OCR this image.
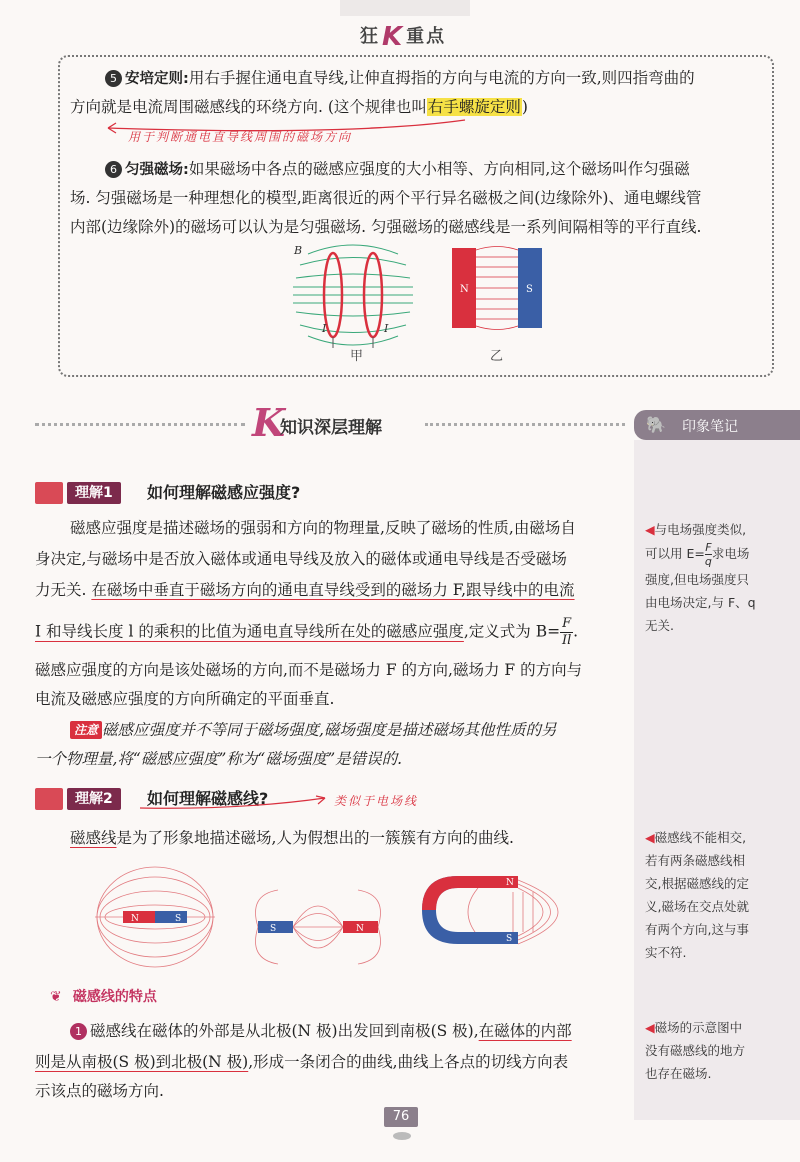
狂K 重点
5 安培定则:用右手握住通电直导线,让伸直拇指的方向与电流的方向一致,则四指弯曲的
方向就是电流周围磁感线的环绕方向. (这个规律也叫右手螺旋定则)
用于判断通电直导线周围的磁场方向
6 匀强磁场:如果磁场中各点的磁感应强度的大小相等、方向相同,这个磁场叫作匀强磁
场. 匀强磁场是一种理想化的模型,距离很近的两个平行异名磁极之间(边缘除外)、通电螺线管
内部(边缘除外)的磁场可以认为是匀强磁场. 匀强磁场的磁感线是一系列间隔相等的平行直线.
B
I	I
甲
N	S
乙
K
知识深层理解	🐘 印象笔记
◀与电场强度类似,
可以用 $E= \frac{F}{q}$ 求电场
强度,但电场强度只
由电场决定,与 F、q
无关.
◀磁感线不能相交,
若有两条磁感线相
交,根据磁感线的定
义,磁场在交点处就
有两个方向,这与事
实不符.
◀磁场的示意图中
没有磁感线的地方
也存在磁场.
理解1	如何理解磁感应强度?
磁感应强度是描述磁场的强弱和方向的物理量,反映了磁场的性质,由磁场自
身决定,与磁场中是否放入磁体或通电导线及放入的磁体或通电导线是否受磁场
力无关. 在磁场中垂直于磁场方向的通电直导线受到的磁场力 F,跟导线中的电流
I 和导线长度 l 的乘积的比值为通电直导线所在处的磁感应强度,定义式为 $B= \frac{F}{Il}$ .
磁感应强度的方向是该处磁场的方向,而不是磁场力 F 的方向,磁场力 F 的方向与
电流及磁感应强度的方向所确定的平面垂直.
注意 磁感应强度并不等同于磁场强度,磁场强度是描述磁场其他性质的另
一个物理量,将“磁感应强度”称为“磁场强度”是错误的.
理解2	如何理解磁感线?	类似于电场线
磁感线是为了形象地描述磁场,人为假想出的一簇簇有方向的曲线.
N	S
S	N
N
S
❦ 磁感线的特点
1 磁感线在磁体的外部是从北极(N 极)出发回到南极(S 极),在磁体的内部
则是从南极(S 极)到北极(N 极),形成一条闭合的曲线,曲线上各点的切线方向表
示该点的磁场方向.
76
